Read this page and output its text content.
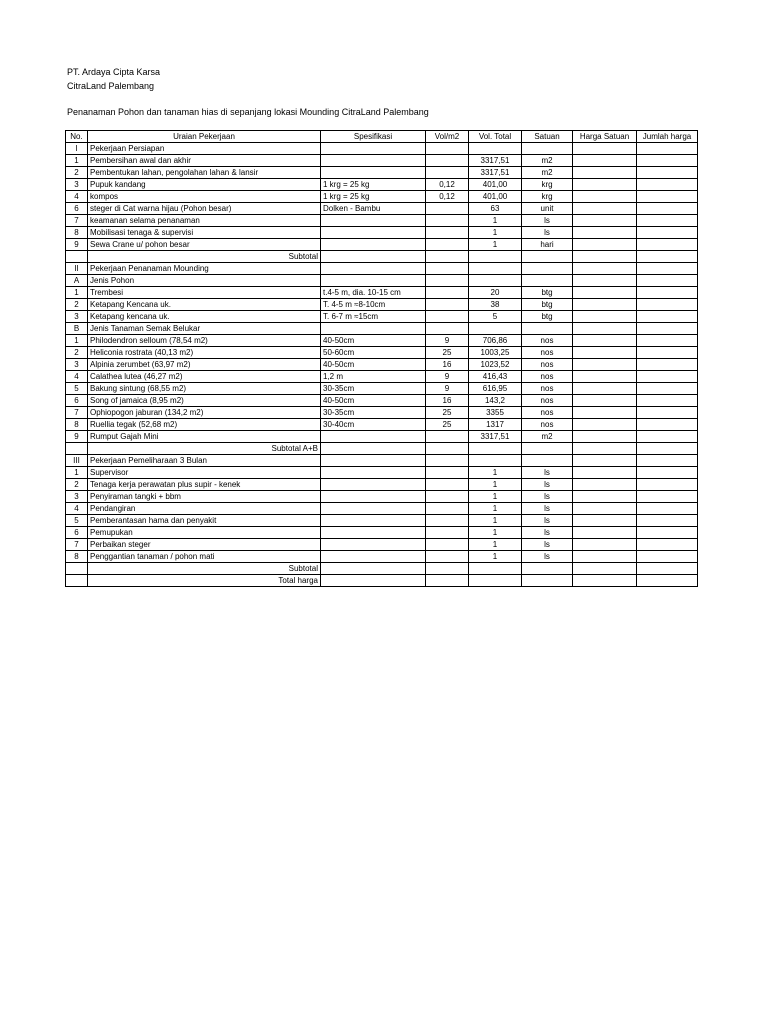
PT. Ardaya Cipta Karsa
CitraLand Palembang
Penanaman Pohon dan tanaman hias di sepanjang lokasi Mounding CitraLand Palembang
No.	Uraian Pekerjaan	Spesifikasi	Vol/m2	Vol. Total	Satuan	Harga Satuan	Jumlah harga
I	Pekerjaan Persiapan						
1	Pembersihan awal dan akhir			3317,51	m2		
2	Pembentukan lahan, pengolahan lahan & lansir			3317,51	m2		
3	Pupuk kandang	1 krg = 25 kg	0,12	401,00	krg		
4	kompos	1 krg = 25 kg	0,12	401,00	krg		
6	steger di Cat warna hijau (Pohon besar)	Dolken - Bambu		63	unit		
7	keamanan selama penanaman			1	ls		
8	Mobilisasi tenaga & supervisi			1	ls		
9	Sewa Crane u/ pohon besar			1	hari		
	Subtotal						
II	Pekerjaan Penanaman Mounding						
A	Jenis Pohon						
1	Trembesi	t.4-5 m, dia. 10-15 cm		20	btg		
2	Ketapang Kencana uk.	T. 4-5 m ≈8-10cm		38	btg		
3	Ketapang kencana uk.	T. 6-7 m ≈15cm		5	btg		
B	Jenis Tanaman Semak Belukar						
1	Philodendron selloum (78,54 m2)	40-50cm	9	706,86	nos		
2	Heliconia rostrata (40,13 m2)	50-60cm	25	1003,25	nos		
3	Alpinia zerumbet (63,97 m2)	40-50cm	16	1023,52	nos		
4	Calathea lutea (46,27 m2)	1,2 m	9	416,43	nos		
5	Bakung sintung (68,55 m2)	30-35cm	9	616,95	nos		
6	Song of jamaica (8,95 m2)	40-50cm	16	143,2	nos		
7	Ophiopogon jaburan (134,2 m2)	30-35cm	25	3355	nos		
8	Ruellia tegak (52,68 m2)	30-40cm	25	1317	nos		
9	Rumput Gajah Mini			3317,51	m2		
	Subtotal A+B						
III	Pekerjaan Pemeliharaan 3 Bulan						
1	Supervisor			1	ls		
2	Tenaga kerja perawatan plus supir - kenek			1	ls		
3	Penyiraman tangki + bbm			1	ls		
4	Pendangiran			1	ls		
5	Pemberantasan hama dan penyakit			1	ls		
6	Pemupukan			1	ls		
7	Perbaikan steger			1	ls		
8	Penggantian tanaman / pohon mati			1	ls		
	Subtotal						
	Total harga						
